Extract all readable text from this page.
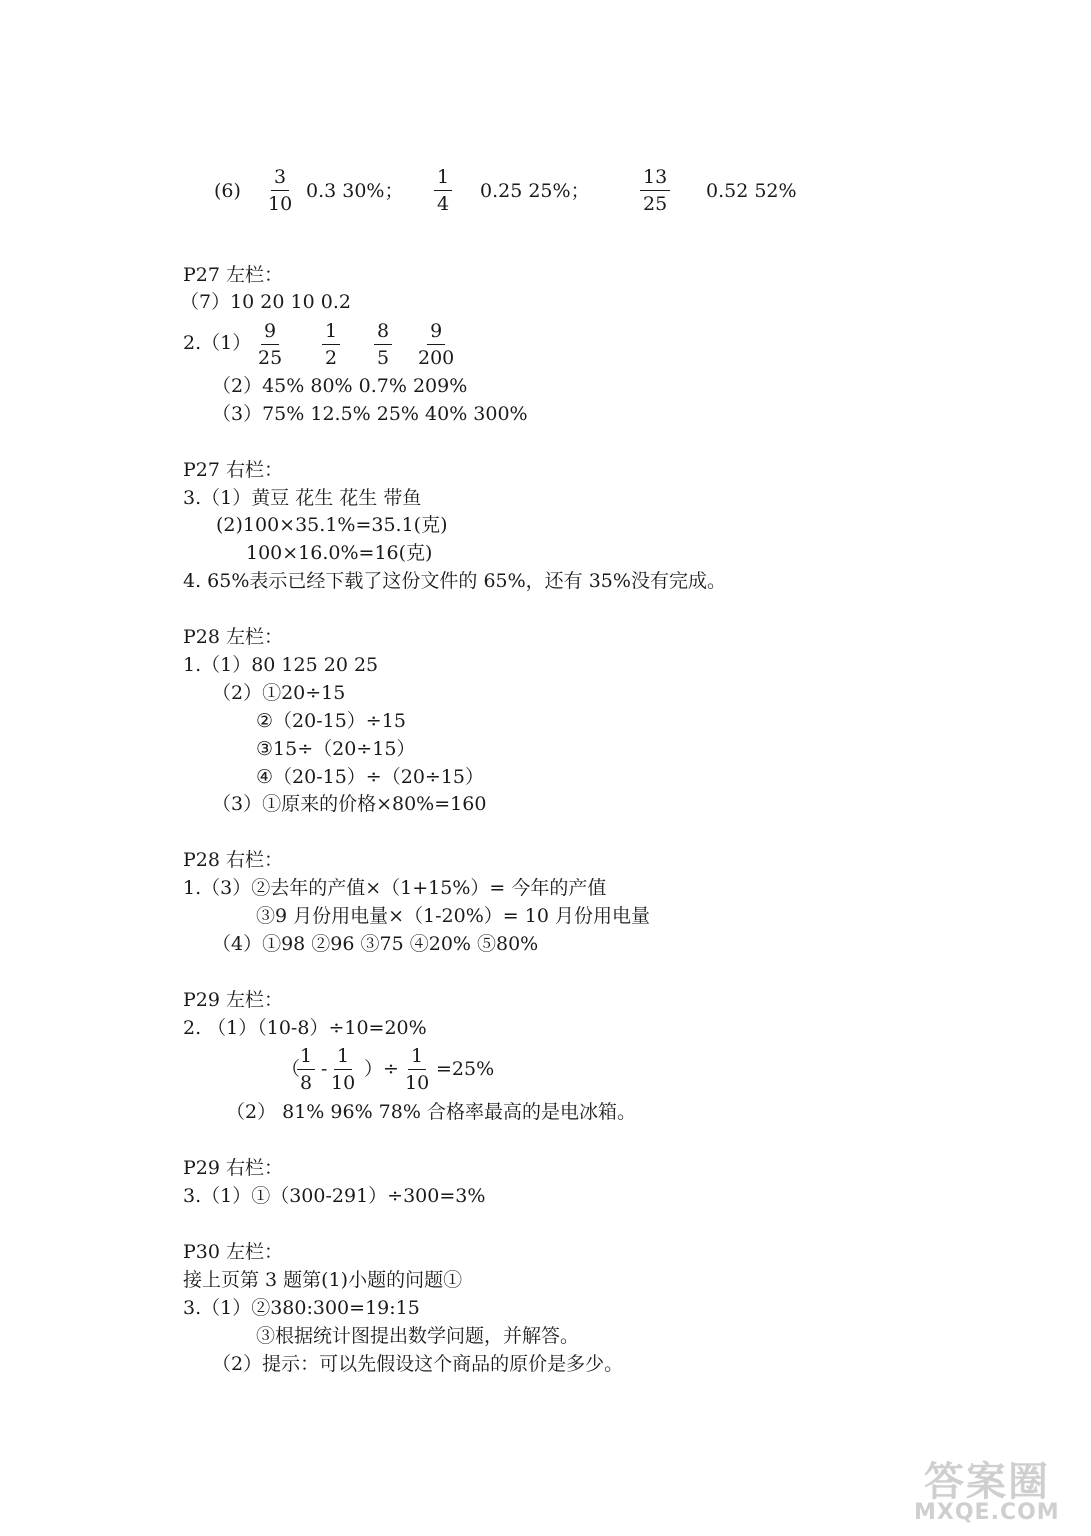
$(6) \frac{3}{10} 0.3$ 30%； $\frac{1}{4} 0.25$ 25%；	$\frac{13}{25} 0.52$ 52%
P27 左栏：
（7）10 20 10 0.2
$2.(1) \frac{9}{25} \frac{1}{2} \frac{8}{5} \frac{9}{200}$
（2）45% 80% 0.7% 209%
（3）75% 12.5% 25% 40% 300%
P27 右栏：
3.（1）黄豆 花生 花生 带鱼
(2)100×35.1%=35.1(克)
100×16.0%=16(克)
4. 65%表示已经下载了这份文件的 65%，还有 35%没有完成。
P28 左栏：
1.（1）80 125 20 25
（2）①20÷15
②（20-15）÷15
③15÷（20÷15）
④（20-15）÷（20÷15）
（3）①原来的价格×80%=160
P28 右栏：
1.（3）②去年的产值×（1+15%）= 今年的产值
③9 月份用电量×（1-20%）= 10 月份用电量
（4）①98 ②96 ③75 ④20% ⑤80%
P29 左栏：
2. （1）（10-8）÷10=20%
（
$\frac{1}{8} - \frac{1}{10}$ ）÷ $\frac{1}{10} =25\%$
（2） 81% 96% 78% 合格率最高的是电冰箱。
P29 右栏：
3.（1）①（300-291）÷300=3%
P30 左栏：
接上页第 3 题第(1)小题的问题①
3.（1）②380:300=19:15
③根据统计图提出数学问题，并解答。
（2）提示：可以先假设这个商品的原价是多少。
答案圈
MXQE.COM
